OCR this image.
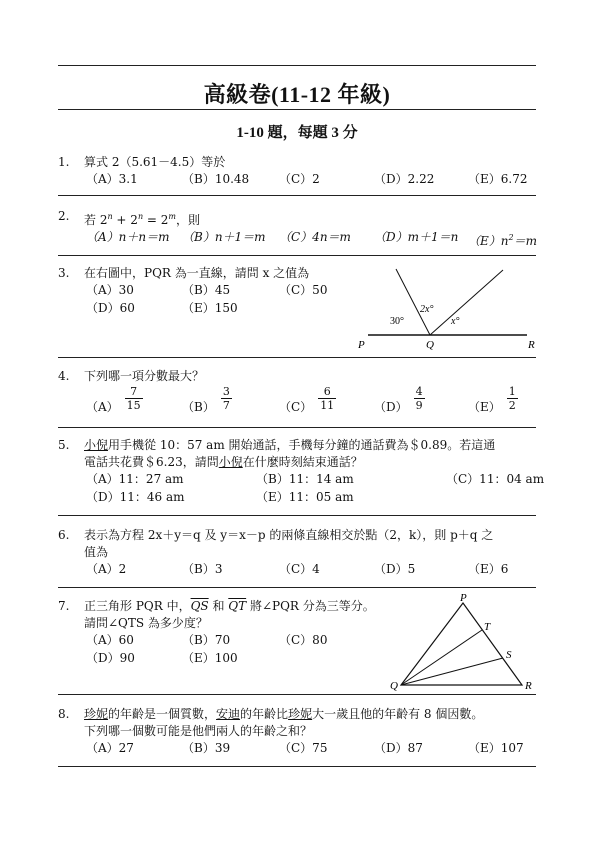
高級卷(11-12 年級)
1-10 題，每題 3 分
1.	算式 2（5.61－4.5）等於
（A）3.1	（B）10.48 （C）2	（D）2.22	（E）6.72
2.	若 $2^n + 2^n = 2^m$，則
（A）n＋n＝m （B）n＋1＝m （C）4n＝m （D）m＋1＝n $(E)n^2=m$
3.	在右圖中，PQR 為一直線，請問 x 之值為
（A）30	（B）45	（C）50
（D）60	（E）150
P	Q	R
30°
2x°
x°
4.	下列哪一項分數最大？
$(A) \frac{7}{15}$	$(B) \frac{3}{7}$	$(C) \frac{6}{11}$	$(D) \frac{4}{9}$	$(E) \frac{1}{2}$
5.	小倪用手機從 10：57 am 開始通話，手機每分鐘的通話費為＄0.89。若這通
電話共花費＄6.23，請問小倪在什麼時刻結束通話？
（A）11：27 am	（B）11：14 am	（C）11：04 am
（D）11：46 am	（E）11：05 am
6.	表示為方程 2x＋y＝q 及 y＝x－p 的兩條直線相交於點（2，k），則 p＋q 之
值為
（A）2	（B）3	（C）4	（D）5	（E）6
7.	正三角形 PQR 中，$\overline{QS}$ 和 $\overline{QT}$ 將∠PQR 分為三等分。
請問∠QTS 為多少度？
（A）60	（B）70	（C）80
（D）90	（E）100
P
Q	R
S
T
8.	珍妮的年齡是一個質數，安迪的年齡比珍妮大一歲且他的年齡有 8 個因數。
下列哪一個數可能是他們兩人的年齡之和？
（A）27	（B）39	（C）75	（D）87	（E）107
